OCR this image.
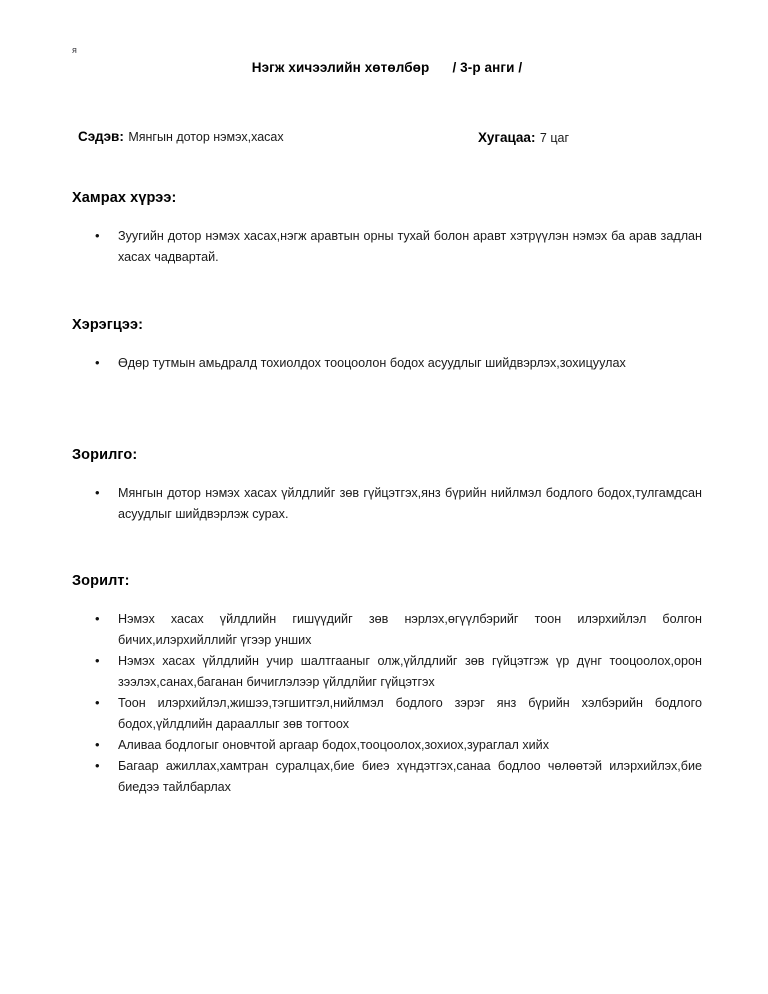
я
Нэгж хичээлийн хөтөлбөр      / 3-р анги /
Сэдэв: Мянгын дотор нэмэх,хасах	Хугацаа: 7 цаг
Хамрах хүрээ:
• Зуугийн дотор нэмэх хасах,нэгж аравтын орны тухай болон аравт хэтрүүлэн нэмэх ба арав задлан хасах чадвартай.
Хэрэгцээ:
• Өдөр тутмын амьдралд тохиолдох тооцоолон бодох асуудлыг шийдвэрлэх,зохицуулах
Зорилго:
• Мянгын дотор нэмэх хасах үйлдлийг зөв гүйцэтгэх,янз бүрийн нийлмэл бодлого бодох,тулгамдсан асуудлыг шийдвэрлэж сурах.
Зорилт:
• Нэмэх хасах үйлдлийн гишүүдийг зөв нэрлэх,өгүүлбэрийг тоон илэрхийлэл болгон бичих,илэрхийллийг үгээр унших
• Нэмэх хасах үйлдлийн учир шалтгааныг олж,үйлдлийг зөв гүйцэтгэж үр дүнг тооцоолох,орон зээлэх,санах,баганан бичиглэлээр үйлдлйиг гүйцэтгэх
• Тоон илэрхийлэл,жишээ,тэгшитгэл,нийлмэл бодлого зэрэг янз бүрийн хэлбэрийн бодлого бодох,үйлдлийн дарааллыг зөв тогтоох
• Аливаа бодлогыг оновчтой аргаар бодох,тооцоолох,зохиох,зураглал хийх
• Багаар ажиллах,хамтран суралцах,бие биеэ хүндэтгэх,санаа бодлоо чөлөөтэй илэрхийлэх,бие биедээ тайлбарлах
